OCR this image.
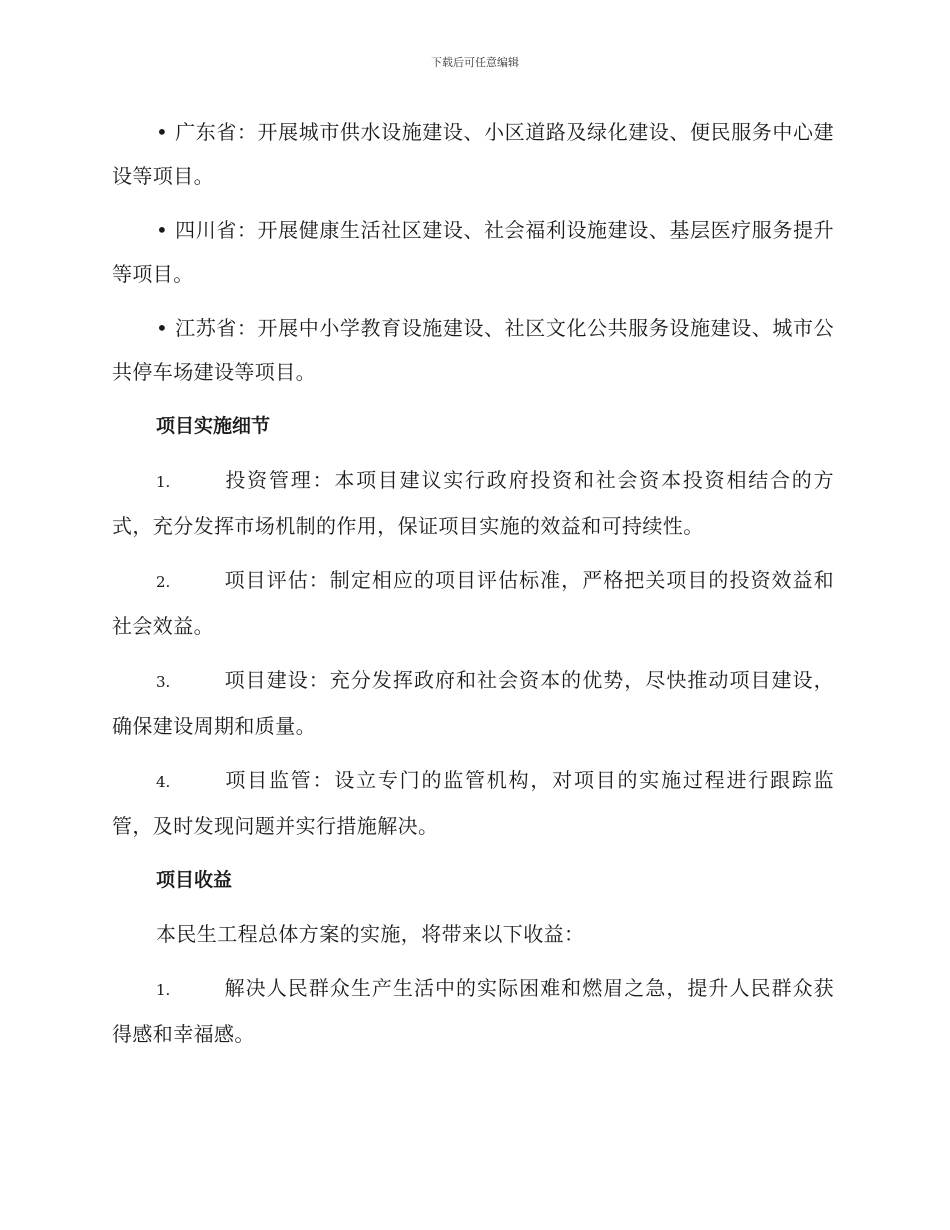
下载后可任意编辑

• 广东省：开展城市供水设施建设、小区道路及绿化建设、便民服务中心建设等项目。

• 四川省：开展健康生活社区建设、社会福利设施建设、基层医疗服务提升等项目。

• 江苏省：开展中小学教育设施建设、社区文化公共服务设施建设、城市公共停车场建设等项目。

项目实施细节

1.	投资管理：本项目建议实行政府投资和社会资本投资相结合的方式，充分发挥市场机制的作用，保证项目实施的效益和可持续性。

2.	项目评估：制定相应的项目评估标准，严格把关项目的投资效益和社会效益。

3.	项目建设：充分发挥政府和社会资本的优势，尽快推动项目建设，确保建设周期和质量。

4.	项目监管：设立专门的监管机构，对项目的实施过程进行跟踪监管，及时发现问题并实行措施解决。

项目收益

本民生工程总体方案的实施，将带来以下收益：

1.	解决人民群众生产生活中的实际困难和燃眉之急，提升人民群众获得感和幸福感。
